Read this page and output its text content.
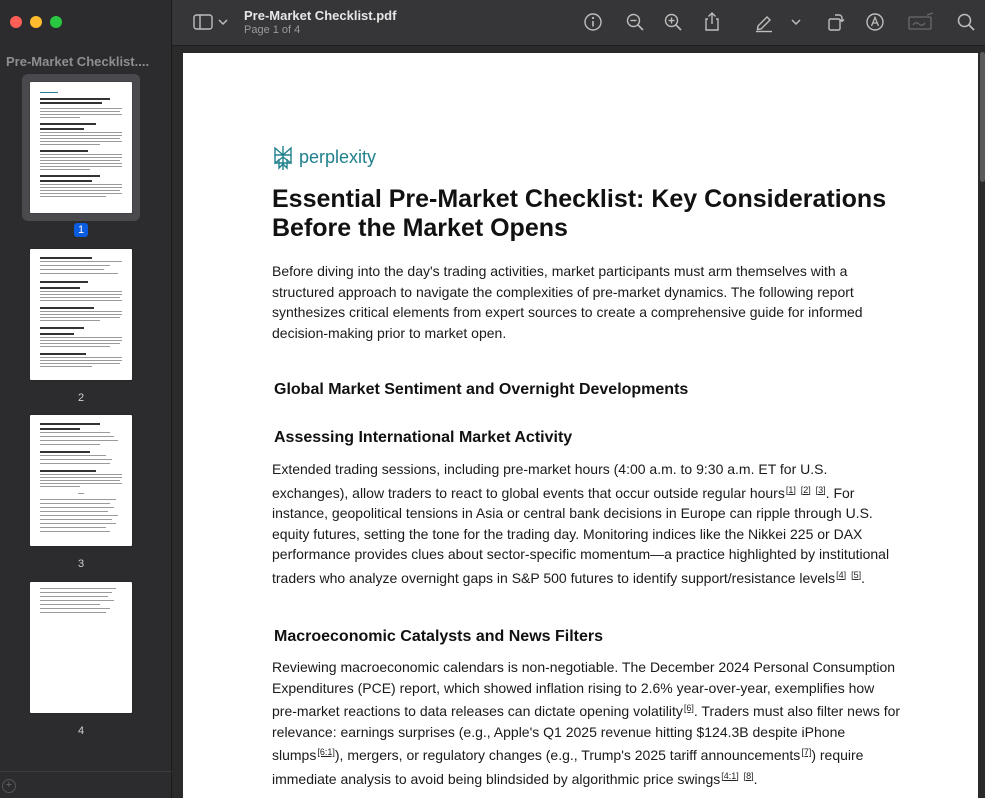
Pre-Market Checklist....
1
2
3
4
+
Pre-Market Checklist.pdf
Page 1 of 4
perplexity
Essential Pre-Market Checklist: Key Considerations Before the Market Opens
Before diving into the day's trading activities, market participants must arm themselves with a structured approach to navigate the complexities of pre-market dynamics. The following report synthesizes critical elements from expert sources to create a comprehensive guide for informed decision-making prior to market open.
Global Market Sentiment and Overnight Developments
Assessing International Market Activity
Extended trading sessions, including pre-market hours (4:00 a.m. to 9:30 a.m. ET for U.S. exchanges), allow traders to react to global events that occur outside regular hours[1] [2] [3]. For instance, geopolitical tensions in Asia or central bank decisions in Europe can ripple through U.S. equity futures, setting the tone for the trading day. Monitoring indices like the Nikkei 225 or DAX performance provides clues about sector-specific momentum—a practice highlighted by institutional traders who analyze overnight gaps in S&P 500 futures to identify support/resistance levels[4] [5].
Macroeconomic Catalysts and News Filters
Reviewing macroeconomic calendars is non-negotiable. The December 2024 Personal Consumption Expenditures (PCE) report, which showed inflation rising to 2.6% year-over-year, exemplifies how pre-market reactions to data releases can dictate opening volatility[6]. Traders must also filter news for relevance: earnings surprises (e.g., Apple's Q1 2025 revenue hitting $124.3B despite iPhone slumps[6:1]), mergers, or regulatory changes (e.g., Trump's 2025 tariff announcements[7]) require immediate analysis to avoid being blindsided by algorithmic price swings[4:1] [8].
